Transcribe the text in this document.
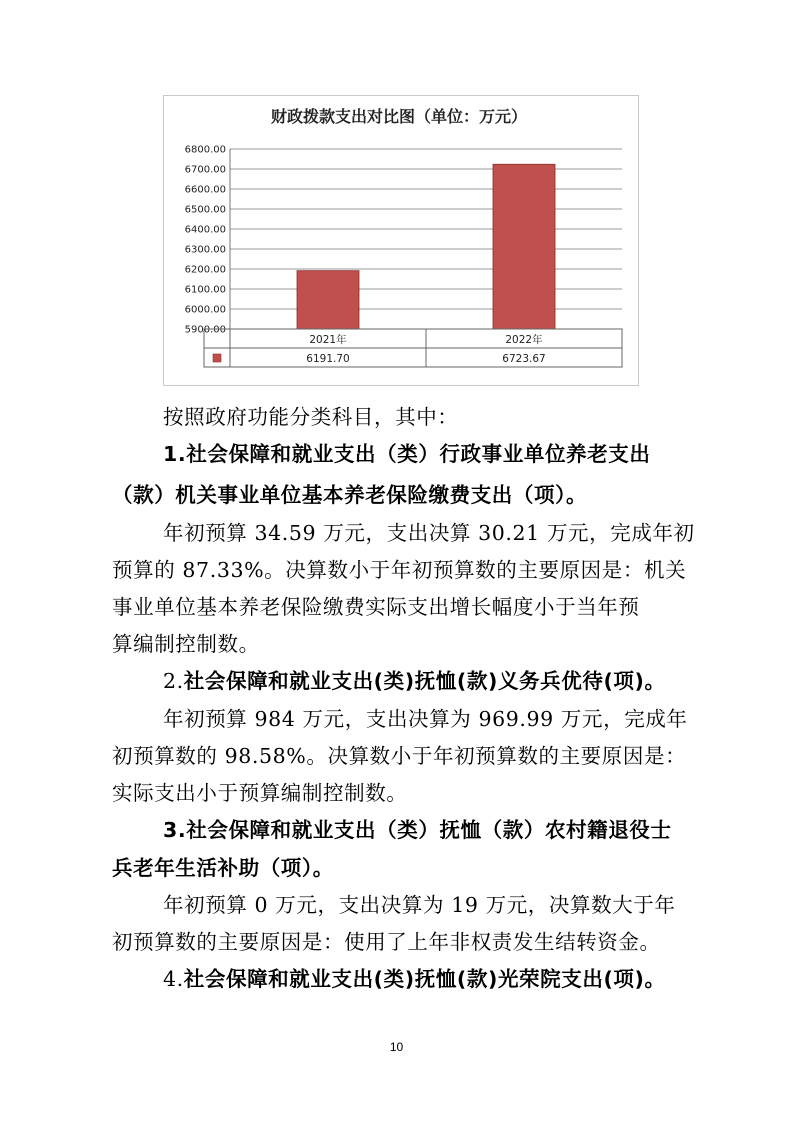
财政拨款支出对比图（单位：万元）
5900.00
6000.00
6100.00
6200.00
6300.00
6400.00
6500.00
6600.00
6700.00
6800.00
2021年
6191.70
2022年
6723.67
按照政府功能分类科目，其中：
1.社会保障和就业支出（类）行政事业单位养老支出
（款）机关事业单位基本养老保险缴费支出（项）。
年初预算 34.59 万元，支出决算 30.21 万元，完成年初
预算的 87.33%。决算数小于年初预算数的主要原因是：机关
事业单位基本养老保险缴费实际支出增长幅度小于当年预
算编制控制数。
2.社会保障和就业支出(类)抚恤(款)义务兵优待(项)。
年初预算 984 万元，支出决算为 969.99 万元，完成年
初预算数的 98.58%。决算数小于年初预算数的主要原因是：
实际支出小于预算编制控制数。
3.社会保障和就业支出（类）抚恤（款）农村籍退役士
兵老年生活补助（项）。
年初预算 0 万元，支出决算为 19 万元，决算数大于年
初预算数的主要原因是：使用了上年非权责发生结转资金。
4.社会保障和就业支出(类)抚恤(款)光荣院支出(项)。
10
